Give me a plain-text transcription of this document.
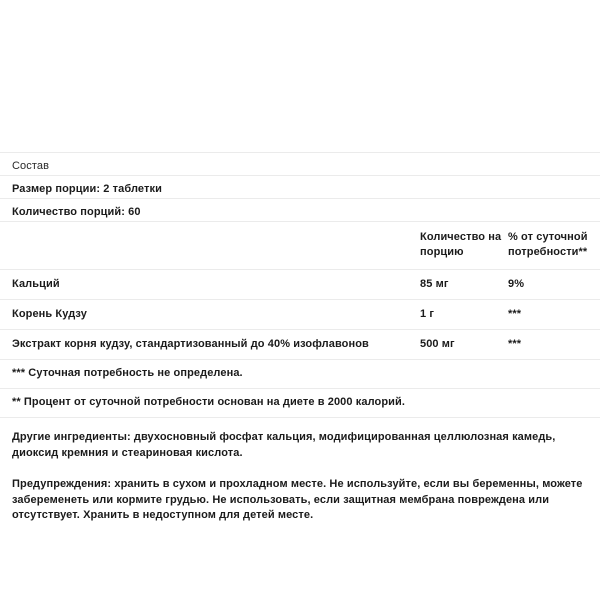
Состав
Размер порции: 2 таблетки
Количество порций: 60
	Количество на порцию	% от суточной потребности**
Кальций	85 мг	9%
Корень Кудзу	1 г	***
Экстракт корня кудзу, стандартизованный до 40% изофлавонов	500 мг	***
*** Суточная потребность не определена.
** Процент от суточной потребности основан на диете в 2000 калорий.

Другие ингредиенты: двухосновный фосфат кальция, модифицированная целлюлозная камедь, диоксид кремния и стеариновая кислота.

Предупреждения: хранить в сухом и прохладном месте. Не используйте, если вы беременны, можете забеременеть или кормите грудью. Не использовать, если защитная мембрана повреждена или отсутствует. Хранить в недоступном для детей месте.
